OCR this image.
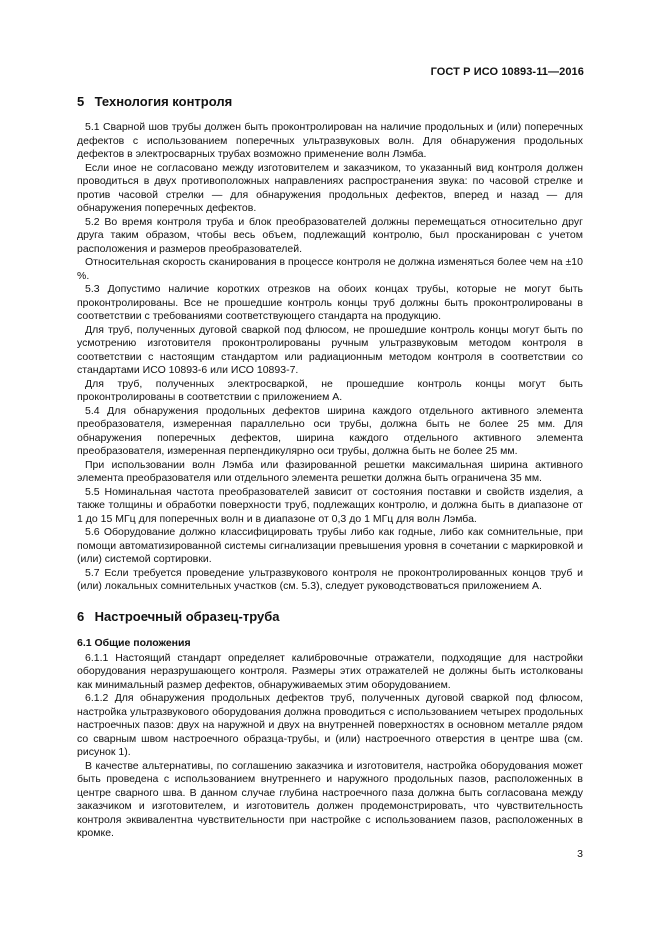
ГОСТ Р ИСО 10893-11—2016
5 Технология контроля

5.1 Сварной шов трубы должен быть проконтролирован на наличие продольных и (или) поперечных дефектов с использованием поперечных ультразвуковых волн. Для обнаружения продольных дефектов в электросварных трубах возможно применение волн Лэмба.

Если иное не согласовано между изготовителем и заказчиком, то указанный вид контроля должен проводиться в двух противоположных направлениях распространения звука: по часовой стрелке и против часовой стрелки — для обнаружения продольных дефектов, вперед и назад — для обнаружения поперечных дефектов.

5.2 Во время контроля труба и блок преобразователей должны перемещаться относительно друг друга таким образом, чтобы весь объем, подлежащий контролю, был просканирован с учетом расположения и размеров преобразователей.

Относительная скорость сканирования в процессе контроля не должна изменяться более чем на ±10 %.

5.3 Допустимо наличие коротких отрезков на обоих концах трубы, которые не могут быть проконтролированы. Все не прошедшие контроль концы труб должны быть проконтролированы в соответствии с требованиями соответствующего стандарта на продукцию.

Для труб, полученных дуговой сваркой под флюсом, не прошедшие контроль концы могут быть по усмотрению изготовителя проконтролированы ручным ультразвуковым методом контроля в соответствии с настоящим стандартом или радиационным методом контроля в соответствии со стандартами ИСО 10893-6 или ИСО 10893-7.

Для труб, полученных электросваркой, не прошедшие контроль концы могут быть проконтролированы в соответствии с приложением А.

5.4 Для обнаружения продольных дефектов ширина каждого отдельного активного элемента преобразователя, измеренная параллельно оси трубы, должна быть не более 25 мм. Для обнаружения поперечных дефектов, ширина каждого отдельного активного элемента преобразователя, измеренная перпендикулярно оси трубы, должна быть не более 25 мм.

При использовании волн Лэмба или фазированной решетки максимальная ширина активного элемента преобразователя или отдельного элемента решетки должна быть ограничена 35 мм.

5.5 Номинальная частота преобразователей зависит от состояния поставки и свойств изделия, а также толщины и обработки поверхности труб, подлежащих контролю, и должна быть в диапазоне от 1 до 15 МГц для поперечных волн и в диапазоне от 0,3 до 1 МГц для волн Лэмба.

5.6 Оборудование должно классифицировать трубы либо как годные, либо как сомнительные, при помощи автоматизированной системы сигнализации превышения уровня в сочетании с маркировкой и (или) системой сортировки.

5.7 Если требуется проведение ультразвукового контроля не проконтролированных концов труб и (или) локальных сомнительных участков (см. 5.3), следует руководствоваться приложением А.

6 Настроечный образец-труба
6.1 Общие положения

6.1.1 Настоящий стандарт определяет калибровочные отражатели, подходящие для настройки оборудования неразрушающего контроля. Размеры этих отражателей не должны быть истолкованы как минимальный размер дефектов, обнаруживаемых этим оборудованием.

6.1.2 Для обнаружения продольных дефектов труб, полученных дуговой сваркой под флюсом, настройка ультразвукового оборудования должна проводиться с использованием четырех продольных настроечных пазов: двух на наружной и двух на внутренней поверхностях в основном металле рядом со сварным швом настроечного образца-трубы, и (или) настроечного отверстия в центре шва (см. рисунок 1).

В качестве альтернативы, по соглашению заказчика и изготовителя, настройка оборудования может быть проведена с использованием внутреннего и наружного продольных пазов, расположенных в центре сварного шва. В данном случае глубина настроечного паза должна быть согласована между заказчиком и изготовителем, и изготовитель должен продемонстрировать, что чувствительность контроля эквивалентна чувствительности при настройке с использованием пазов, расположенных в кромке.

3
